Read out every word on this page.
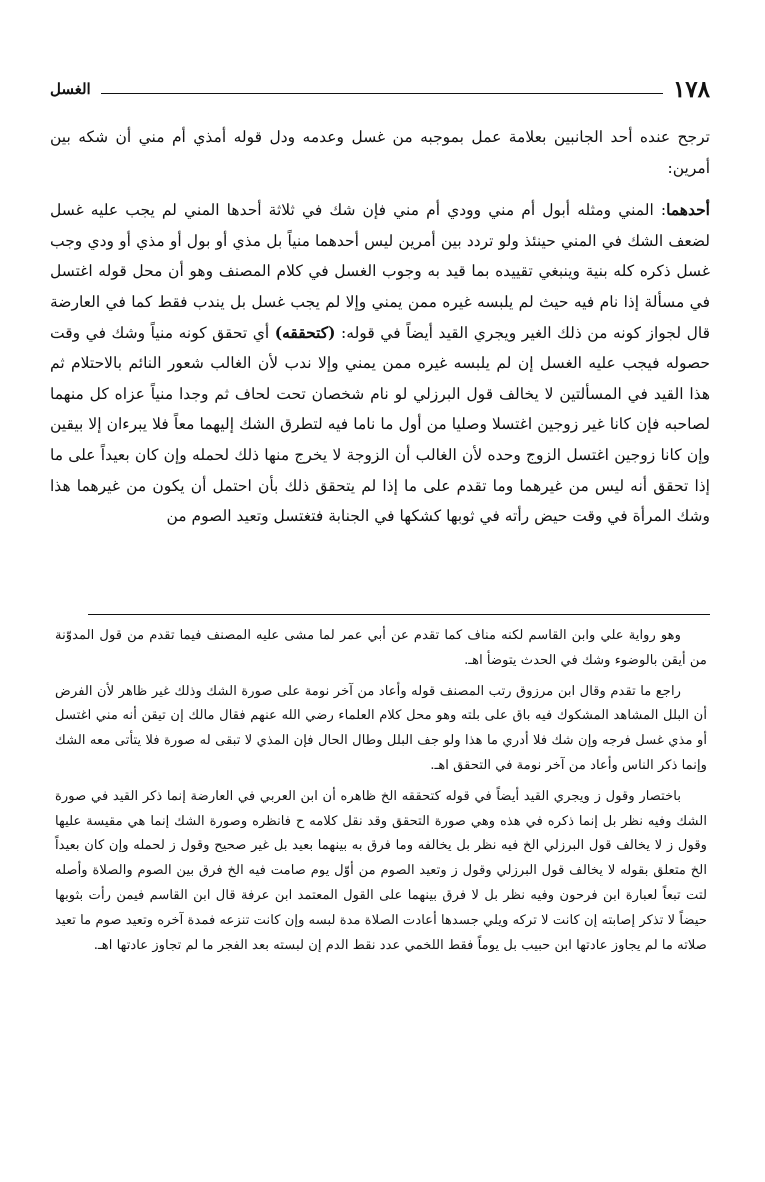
١٧٨
الغسل

ترجح عنده أحد الجانبين بعلامة عمل بموجبه من غسل وعدمه ودل قوله أمذي أم مني أن شكه بين أمرين:

أحدهما: المني ومثله أبول أم مني وودي أم مني فإن شك في ثلاثة أحدها المني لم يجب عليه غسل لضعف الشك في المني حينئذ ولو تردد بين أمرين ليس أحدهما منياً بل مذي أو بول أو مذي أو ودي وجب غسل ذكره كله بنية وينبغي تقييده بما قيد به وجوب الغسل في كلام المصنف وهو أن محل قوله اغتسل في مسألة إذا نام فيه حيث لم يلبسه غيره ممن يمني وإلا لم يجب غسل بل يندب فقط كما في العارضة قال لجواز كونه من ذلك الغير ويجري القيد أيضاً في قوله: (كتحققه) أي تحقق كونه منياً وشك في وقت حصوله فيجب عليه الغسل إن لم يلبسه غيره ممن يمني وإلا ندب لأن الغالب شعور النائم بالاحتلام ثم هذا القيد في المسألتين لا يخالف قول البرزلي لو نام شخصان تحت لحاف ثم وجدا منياً عزاه كل منهما لصاحبه فإن كانا غير زوجين اغتسلا وصليا من أول ما ناما فيه لتطرق الشك إليهما معاً فلا يبرءان إلا بيقين وإن كانا زوجين اغتسل الزوج وحده لأن الغالب أن الزوجة لا يخرج منها ذلك لحمله وإن كان بعيداً على ما إذا تحقق أنه ليس من غيرهما وما تقدم على ما إذا لم يتحقق ذلك بأن احتمل أن يكون من غيرهما هذا وشك المرأة في وقت حيض رأته في ثوبها كشكها في الجنابة فتغتسل وتعيد الصوم من

وهو رواية علي وابن القاسم لكنه مناف كما تقدم عن أبي عمر لما مشى عليه المصنف فيما تقدم من قول المدوّنة من أيقن بالوضوء وشك في الحدث يتوضأ اهـ.

راجع ما تقدم وقال ابن مرزوق رتب المصنف قوله وأعاد من آخر نومة على صورة الشك وذلك غير ظاهر لأن الفرض أن البلل المشاهد المشكوك فيه باق على بلته وهو محل كلام العلماء رضي الله عنهم فقال مالك إن تيقن أنه مني اغتسل أو مذي غسل فرجه وإن شك فلا أدري ما هذا ولو جف البلل وطال الحال فإن المذي لا تبقى له صورة فلا يتأتى معه الشك وإنما ذكر الناس وأعاد من آخر نومة في التحقق اهـ.

باختصار وقول ز ويجري القيد أيضاً في قوله كتحققه الخ ظاهره أن ابن العربي في العارضة إنما ذكر القيد في صورة الشك وفيه نظر بل إنما ذكره في هذه وهي صورة التحقق وقد نقل كلامه ح فانظره وصورة الشك إنما هي مقيسة عليها وقول ز لا يخالف قول البرزلي الخ فيه نظر بل يخالفه وما فرق به بينهما بعيد بل غير صحيح وقول ز لحمله وإن كان بعيداً الخ متعلق بقوله لا يخالف قول البرزلي وقول ز وتعيد الصوم من أوّل يوم صامت فيه الخ فرق بين الصوم والصلاة وأصله لتت تبعاً لعبارة ابن فرحون وفيه نظر بل لا فرق بينهما على القول المعتمد ابن عرفة قال ابن القاسم فيمن رأت بثوبها حيضاً لا تذكر إصابته إن كانت لا تركه ويلي جسدها أعادت الصلاة مدة لبسه وإن كانت تنزعه فمدة آخره وتعيد صوم ما تعيد صلاته ما لم يجاوز عادتها ابن حبيب بل يوماً فقط اللخمي عدد نقط الدم إن لبسته بعد الفجر ما لم تجاوز عادتها اهـ.
